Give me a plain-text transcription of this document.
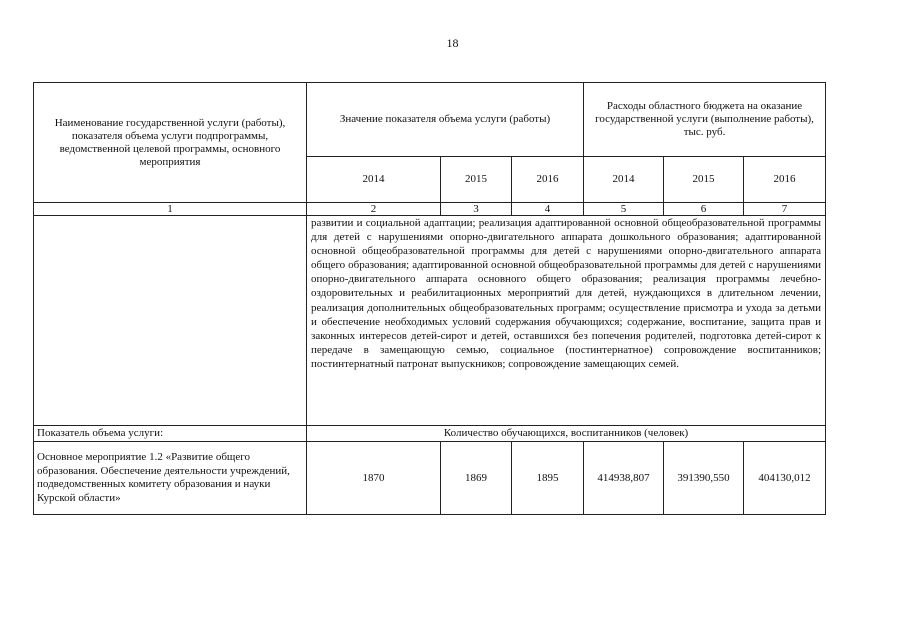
18
Наименование государственной услуги (работы), показателя объема услуги подпрограммы, ведомственной целевой программы, основного мероприятия	Значение показателя объема услуги (работы)			Расходы областного бюджета на оказание государственной услуги (выполнение работы), тыс. руб.		
	2014	2015	2016	2014	2015	2016
1	2	3	4	5	6	7
	развитии и социальной адаптации; реализация адаптированной основной общеобразовательной программы для детей с нарушениями опорно-двигательного аппарата дошкольного образования; адаптированной основной общеобразовательной программы для детей с нарушениями опорно-двигательного аппарата общего образования; адаптированной основной общеобразовательной программы для детей с нарушениями опорно-двигательного аппарата основного общего образования; реализация программы лечебно-оздоровительных и реабилитационных мероприятий для детей, нуждающихся в длительном лечении, реализация дополнительных общеобразовательных программ; осуществление присмотра и ухода за детьми и обеспечение необходимых условий содержания обучающихся; содержание, воспитание, защита прав и законных интересов детей-сирот и детей, оставшихся без попечения родителей, подготовка детей-сирот к передаче в замещающую семью, социальное (постинтернатное) сопровождение воспитанников; постинтернатный патронат выпускников; сопровождение замещающих семей.					
Показатель объема услуги:	Количество обучающихся, воспитанников (человек)					
Основное мероприятие 1.2 «Развитие общего образования. Обеспечение деятельности учреждений, подведомственных комитету образования и науки Курской области»	1870	1869	1895	414938,807	391390,550	404130,012
